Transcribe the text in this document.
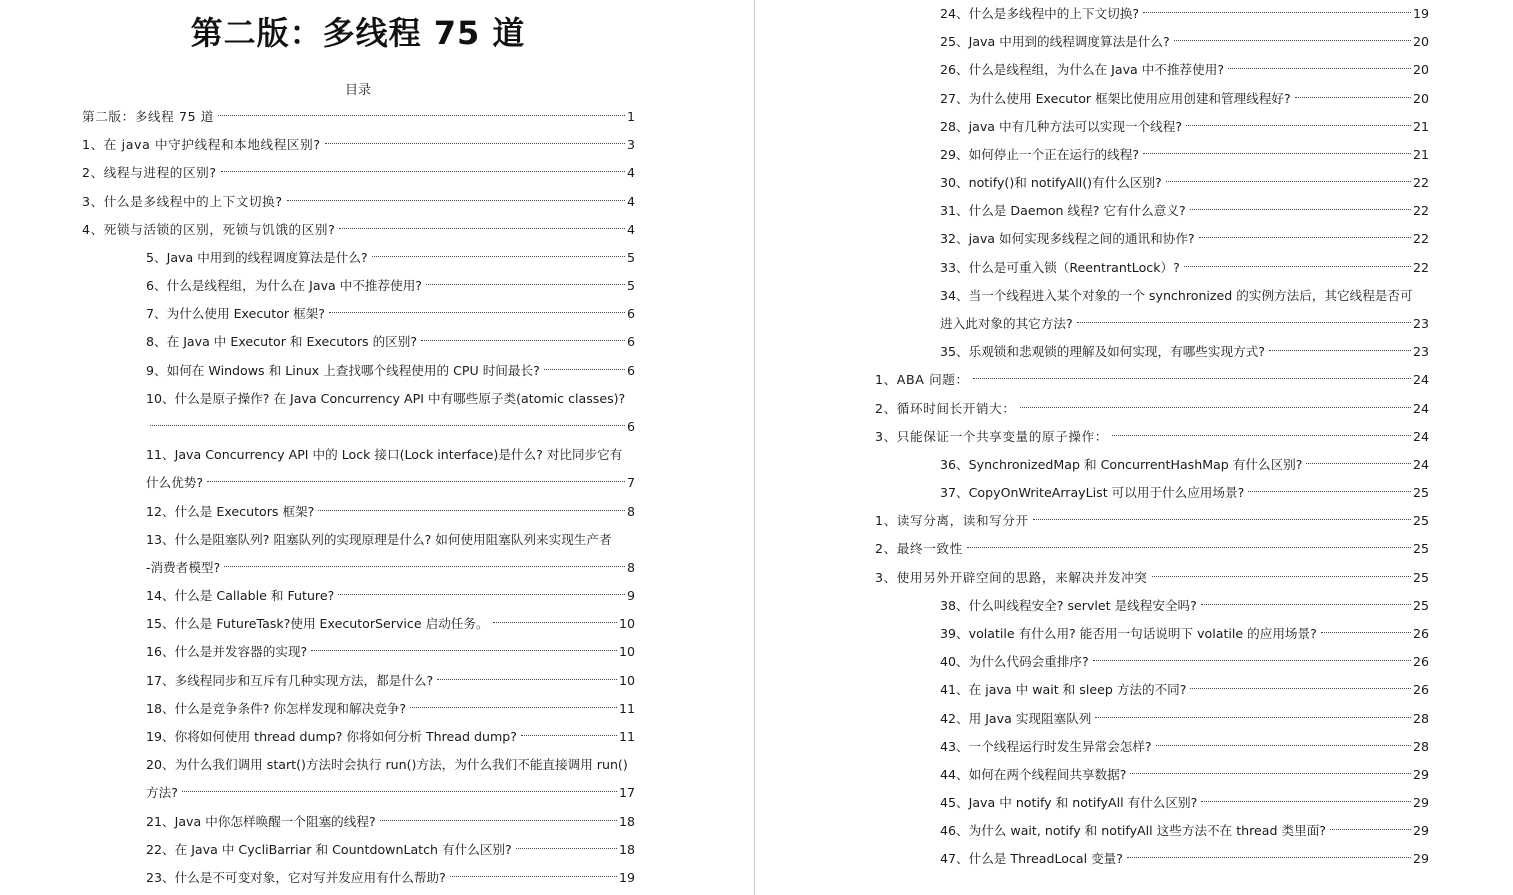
第二版：多线程 75 道
目录
第二版：多线程 75 道	1
1、在 java 中守护线程和本地线程区别?	3
2、线程与进程的区别?	4
3、什么是多线程中的上下文切换?	4
4、死锁与活锁的区别，死锁与饥饿的区别?	4
5、Java 中用到的线程调度算法是什么?	5
6、什么是线程组，为什么在 Java 中不推荐使用?	5
7、为什么使用 Executor 框架?	6
8、在 Java 中 Executor 和 Executors 的区别?	6
9、如何在 Windows 和 Linux 上查找哪个线程使用的 CPU 时间最长?	6
10、什么是原子操作? 在 Java Concurrency API 中有哪些原子类(atomic classes)?
6
11、Java Concurrency API 中的 Lock 接口(Lock interface)是什么? 对比同步它有
什么优势?	7
12、什么是 Executors 框架?	8
13、什么是阻塞队列? 阻塞队列的实现原理是什么? 如何使用阻塞队列来实现生产者
-消费者模型?	8
14、什么是 Callable 和 Future?	9
15、什么是 FutureTask?使用 ExecutorService 启动任务。	10
16、什么是并发容器的实现?	10
17、多线程同步和互斥有几种实现方法，都是什么?	10
18、什么是竞争条件? 你怎样发现和解决竞争?	11
19、你将如何使用 thread dump? 你将如何分析 Thread dump?	11
20、为什么我们调用 start()方法时会执行 run()方法，为什么我们不能直接调用 run()
方法?	17
21、Java 中你怎样唤醒一个阻塞的线程?	18
22、在 Java 中 CycliBarriar 和 CountdownLatch 有什么区别?	18
23、什么是不可变对象，它对写并发应用有什么帮助?	19
24、什么是多线程中的上下文切换?	19
25、Java 中用到的线程调度算法是什么?	20
26、什么是线程组，为什么在 Java 中不推荐使用?	20
27、为什么使用 Executor 框架比使用应用创建和管理线程好?	20
28、java 中有几种方法可以实现一个线程?	21
29、如何停止一个正在运行的线程?	21
30、notify()和 notifyAll()有什么区别?	22
31、什么是 Daemon 线程? 它有什么意义?	22
32、java 如何实现多线程之间的通讯和协作?	22
33、什么是可重入锁（ReentrantLock）?	22
34、当一个线程进入某个对象的一个 synchronized 的实例方法后，其它线程是否可
进入此对象的其它方法?	23
35、乐观锁和悲观锁的理解及如何实现，有哪些实现方式?	23
1、ABA 问题：	24
2、循环时间长开销大：	24
3、只能保证一个共享变量的原子操作：	24
36、SynchronizedMap 和 ConcurrentHashMap 有什么区别?	24
37、CopyOnWriteArrayList 可以用于什么应用场景?	25
1、读写分离，读和写分开	25
2、最终一致性	25
3、使用另外开辟空间的思路，来解决并发冲突	25
38、什么叫线程安全? servlet 是线程安全吗?	25
39、volatile 有什么用? 能否用一句话说明下 volatile 的应用场景?	26
40、为什么代码会重排序?	26
41、在 java 中 wait 和 sleep 方法的不同?	26
42、用 Java 实现阻塞队列	28
43、一个线程运行时发生异常会怎样?	28
44、如何在两个线程间共享数据?	29
45、Java 中 notify 和 notifyAll 有什么区别?	29
46、为什么 wait, notify 和 notifyAll 这些方法不在 thread 类里面?	29
47、什么是 ThreadLocal 变量?	29
